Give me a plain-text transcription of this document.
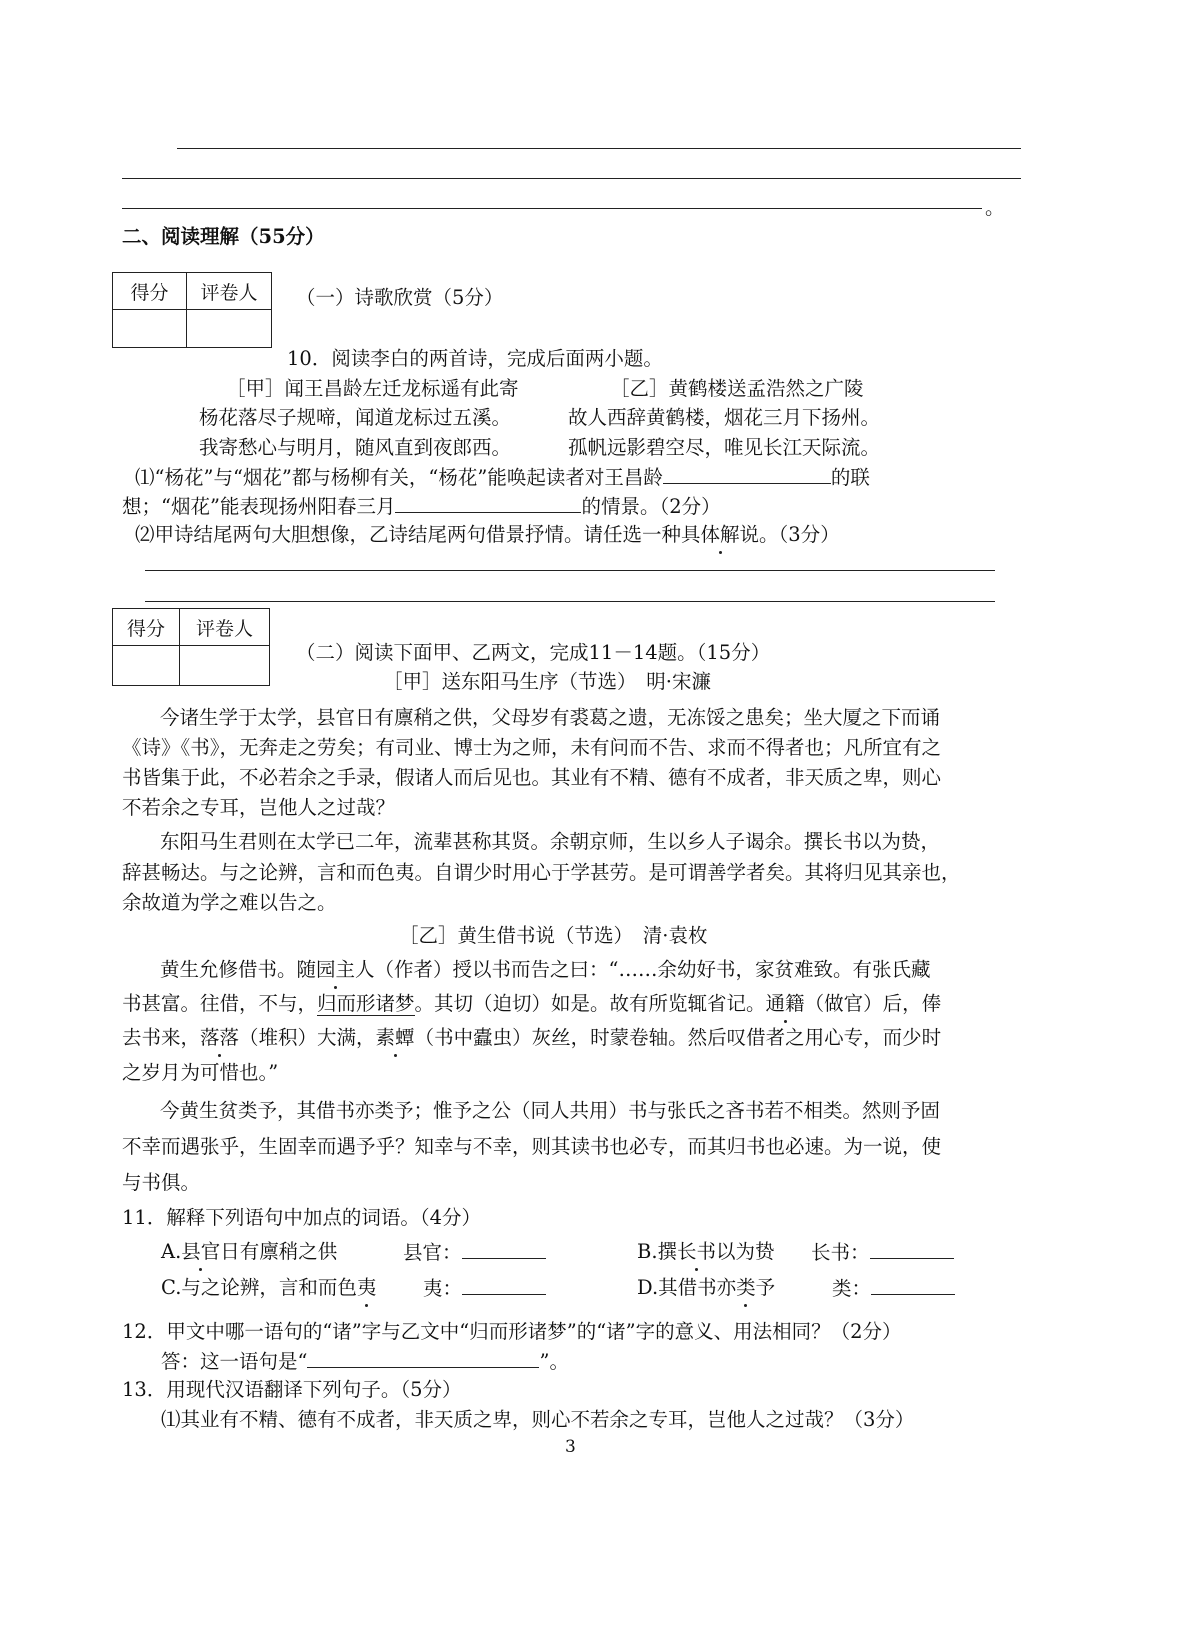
。
二、阅读理解（55分）
得分	评卷人
	（一）诗歌欣赏（5分）
10．阅读李白的两首诗，完成后面两小题。
［甲］闻王昌龄左迁龙标遥有此寄	［乙］黄鹤楼送孟浩然之广陵
杨花落尽子规啼，闻道龙标过五溪。	故人西辞黄鹤楼，烟花三月下扬州。
我寄愁心与明月，随风直到夜郎西。	孤帆远影碧空尽，唯见长江天际流。
⑴“杨花”与“烟花”都与杨柳有关，“杨花”能唤起读者对王昌龄	的联
想；“烟花”能表现扬州阳春三月	的情景。（2分）
⑵甲诗结尾两句大胆想像，乙诗结尾两句借景抒情。请任选一种具体解说。（3分）
得分	评卷人

（二）阅读下面甲、乙两文，完成11－14题。（15分）
［甲］送东阳马生序（节选）　明·宋濂
今诸生学于太学，县官日有廪稍之供，父母岁有裘葛之遗，无冻馁之患矣；坐大厦之下而诵
《诗》《书》，无奔走之劳矣；有司业、博士为之师，未有问而不告、求而不得者也；凡所宜有之
书皆集于此，不必若余之手录，假诸人而后见也。其业有不精、德有不成者，非天质之卑，则心
不若余之专耳，岂他人之过哉？
东阳马生君则在太学已二年，流辈甚称其贤。余朝京师，生以乡人子谒余。撰长书以为贽，
辞甚畅达。与之论辨，言和而色夷。自谓少时用心于学甚劳。是可谓善学者矣。其将归见其亲也，
余故道为学之难以告之。
［乙］黄生借书说（节选）　清·袁枚
黄生允修借书。随园主人（作者）授以书而告之曰：“……余幼好书，家贫难致。有张氏藏
书甚富。往借，不与，归而形诸梦。其切（迫切）如是。故有所览辄省记。通籍（做官）后，俸
去书来，落落（堆积）大满，素蟫（书中蠹虫）灰丝，时蒙卷轴。然后叹借者之用心专，而少时
之岁月为可惜也。”
今黄生贫类予，其借书亦类予；惟予之公（同人共用）书与张氏之吝书若不相类。然则予固
不幸而遇张乎，生固幸而遇予乎？知幸与不幸，则其读书也必专，而其归书也必速。为一说，使
与书俱。
11．解释下列语句中加点的词语。（4分）
A.县官日有廪稍之供	县官：	B.撰长书以为贽 长书：
C.与之论辨，言和而色夷 夷：	D.其借书亦类予	类：
12．甲文中哪一语句的“诸”字与乙文中“归而形诸梦”的“诸”字的意义、用法相同？（2分）
答：这一语句是“	”。
13．用现代汉语翻译下列句子。（5分）
⑴其业有不精、德有不成者，非天质之卑，则心不若余之专耳，岂他人之过哉？（3分）
3
